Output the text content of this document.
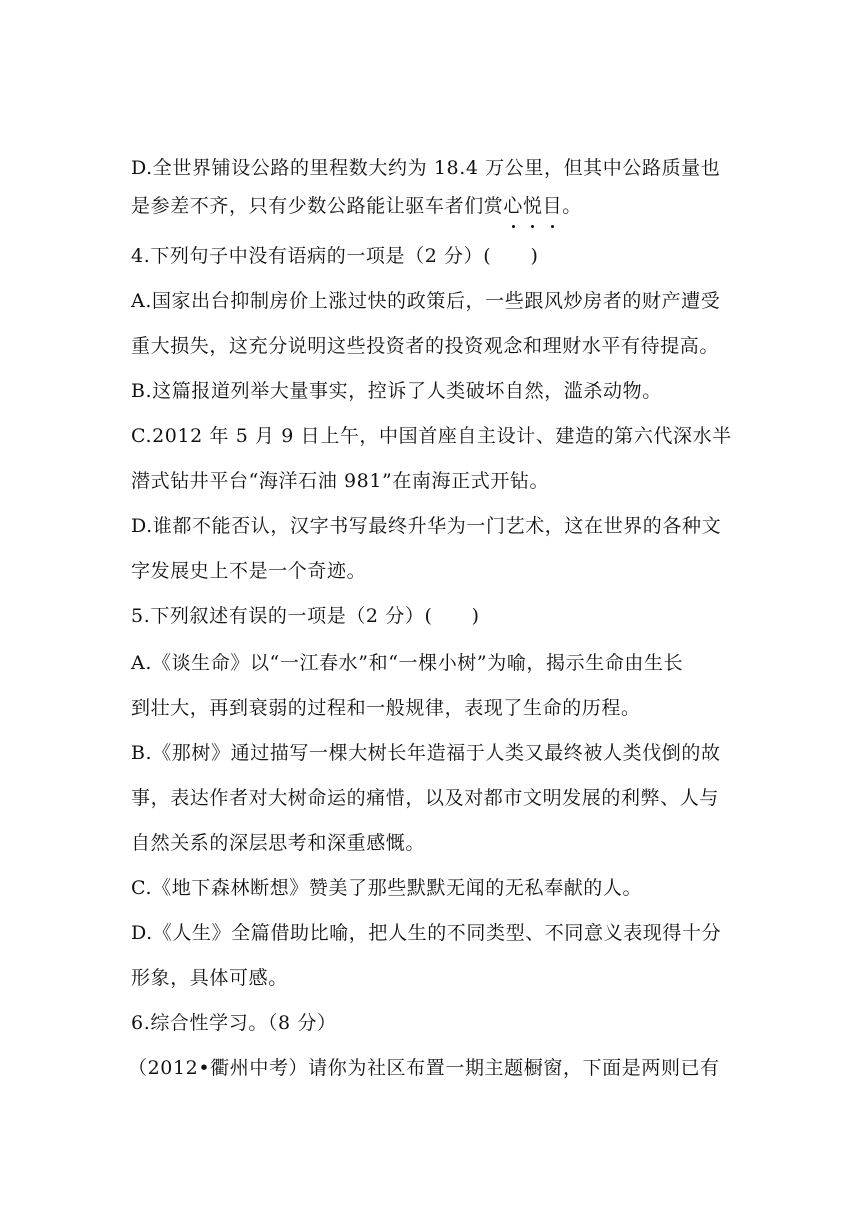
D.全世界铺设公路的里程数大约为 18.4 万公里，但其中公路质量也
是参差不齐，只有少数公路能让驱车者们赏心悦目。
4.下列句子中没有语病的一项是（2 分）(　　)
A.国家出台抑制房价上涨过快的政策后，一些跟风炒房者的财产遭受
重大损失，这充分说明这些投资者的投资观念和理财水平有待提高。
B.这篇报道列举大量事实，控诉了人类破坏自然，滥杀动物。
C.2012 年 5 月 9 日上午，中国首座自主设计、建造的第六代深水半
潜式钻井平台“海洋石油 981”在南海正式开钻。
D.谁都不能否认，汉字书写最终升华为一门艺术，这在世界的各种文
字发展史上不是一个奇迹。
5.下列叙述有误的一项是（2 分）(　　)
A.《谈生命》以“一江春水”和“一棵小树”为喻，揭示生命由生长
到壮大，再到衰弱的过程和一般规律，表现了生命的历程。
B.《那树》通过描写一棵大树长年造福于人类又最终被人类伐倒的故
事，表达作者对大树命运的痛惜，以及对都市文明发展的利弊、人与
自然关系的深层思考和深重感慨。
C.《地下森林断想》赞美了那些默默无闻的无私奉献的人。
D.《人生》全篇借助比喻，把人生的不同类型、不同意义表现得十分
形象，具体可感。
6.综合性学习。（8 分）
（2012•衢州中考）请你为社区布置一期主题橱窗，下面是两则已有
